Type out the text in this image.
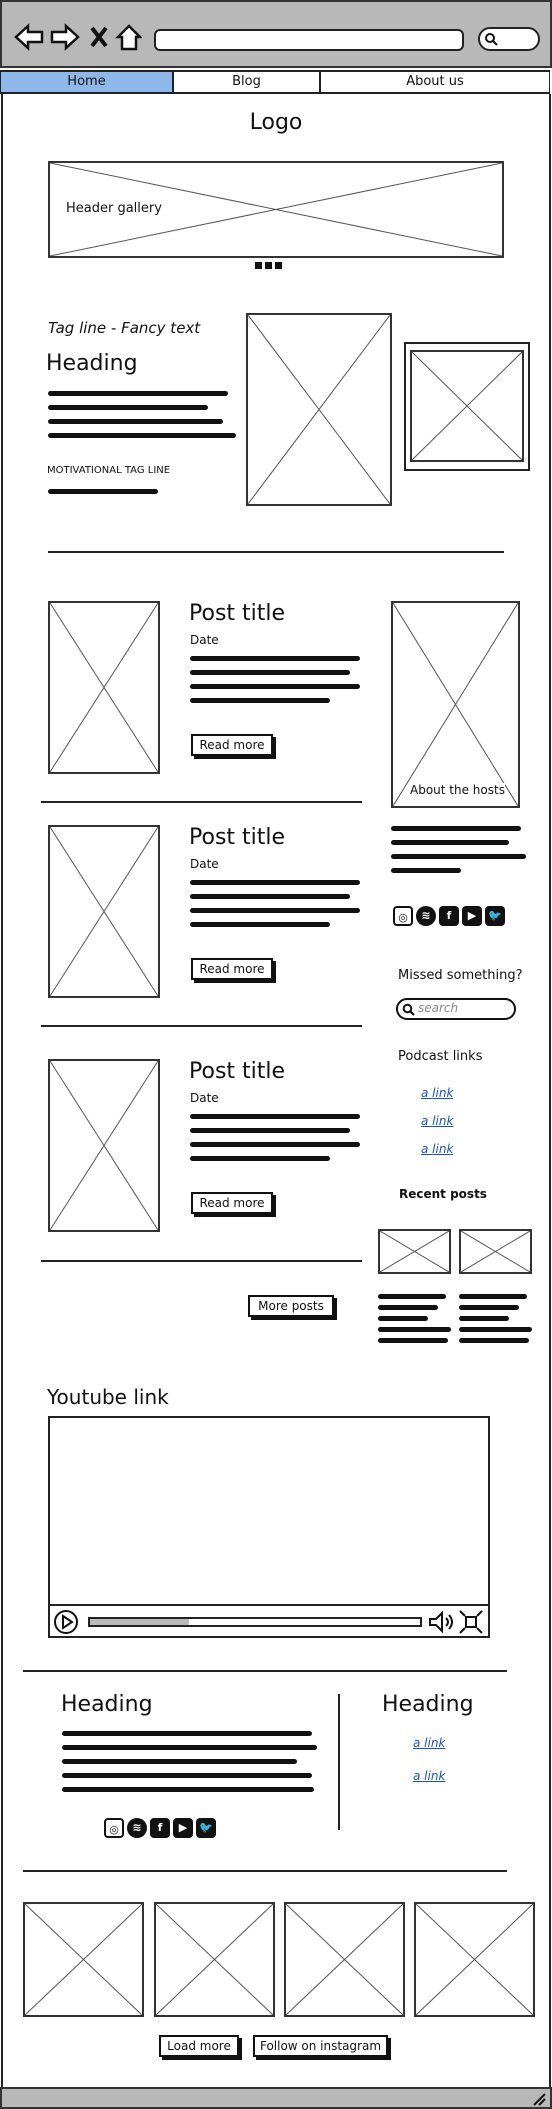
Home	Blog	About us
Logo
Header gallery
Tag line - Fancy text
Heading
MOTIVATIONAL TAG LINE
Post title
Date
Read more
Post title
Date
Read more
Post title
Date
Read more
More posts
About the hosts
◎	≋	f	▶	🐦
Missed something?
search
Podcast links
a link
a link
a link
Recent posts
Youtube link
Heading
◎	≋	f	▶	🐦
Heading
a link
a link
Load more	Follow on instagram
